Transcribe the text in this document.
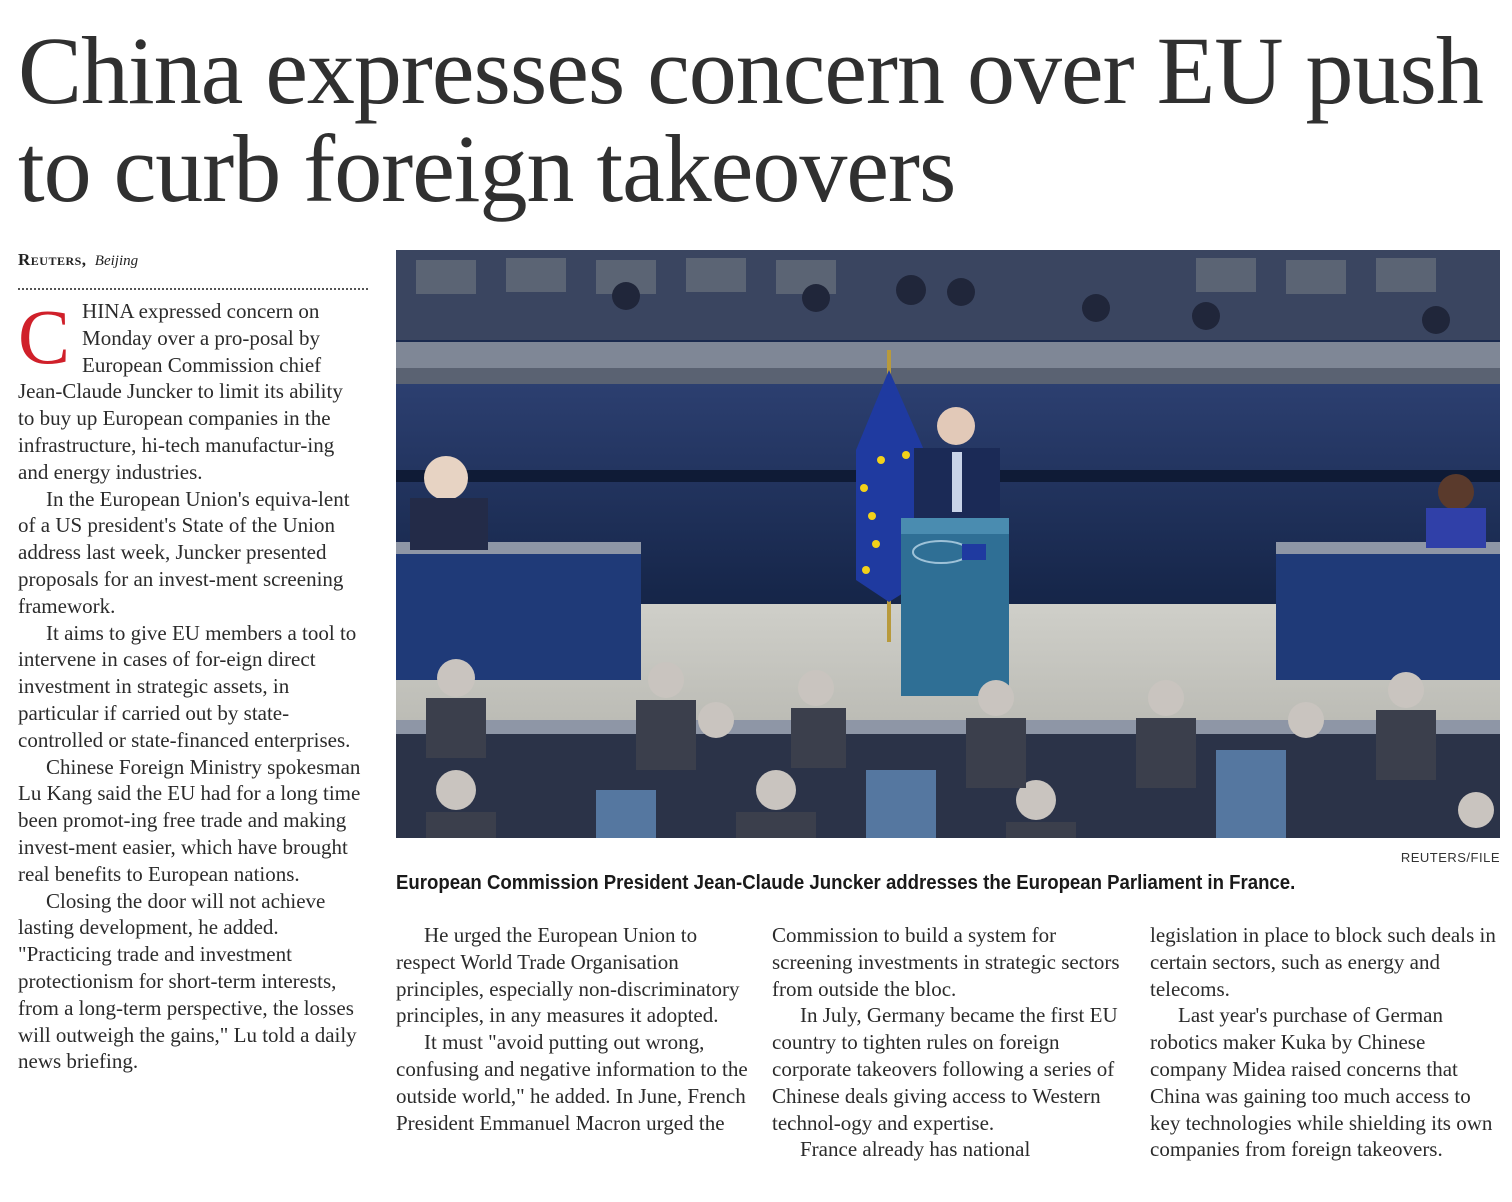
China expresses concern over EU push to curb foreign takeovers
Reuters, Beijing
C HINA expressed concern on Monday over a pro-posal by European Commission chief Jean-Claude Juncker to limit its ability to buy up European companies in the infrastructure, hi-tech manufactur-ing and energy industries.

In the European Union's equiva-lent of a US president's State of the Union address last week, Juncker presented proposals for an invest-ment screening framework.

It aims to give EU members a tool to intervene in cases of for-eign direct investment in strategic assets, in particular if carried out by state-controlled or state-financed enterprises.

Chinese Foreign Ministry spokesman Lu Kang said the EU had for a long time been promot-ing free trade and making invest-ment easier, which have brought real benefits to European nations.

Closing the door will not achieve lasting development, he added. "Practicing trade and investment protectionism for short-term interests, from a long-term perspective, the losses will outweigh the gains," Lu told a daily news briefing.

REUTERS/FILE
European Commission President Jean-Claude Juncker addresses the European Parliament in France.

He urged the European Union to respect World Trade Organisation principles, especially non-discriminatory principles, in any measures it adopted.

It must "avoid putting out wrong, confusing and negative information to the outside world," he added. In June, French President Emmanuel Macron urged the

Commission to build a system for screening investments in strategic sectors from outside the bloc.

In July, Germany became the first EU country to tighten rules on foreign corporate takeovers following a series of Chinese deals giving access to Western technol-ogy and expertise.

France already has national

legislation in place to block such deals in certain sectors, such as energy and telecoms.

Last year's purchase of German robotics maker Kuka by Chinese company Midea raised concerns that China was gaining too much access to key technologies while shielding its own companies from foreign takeovers.
